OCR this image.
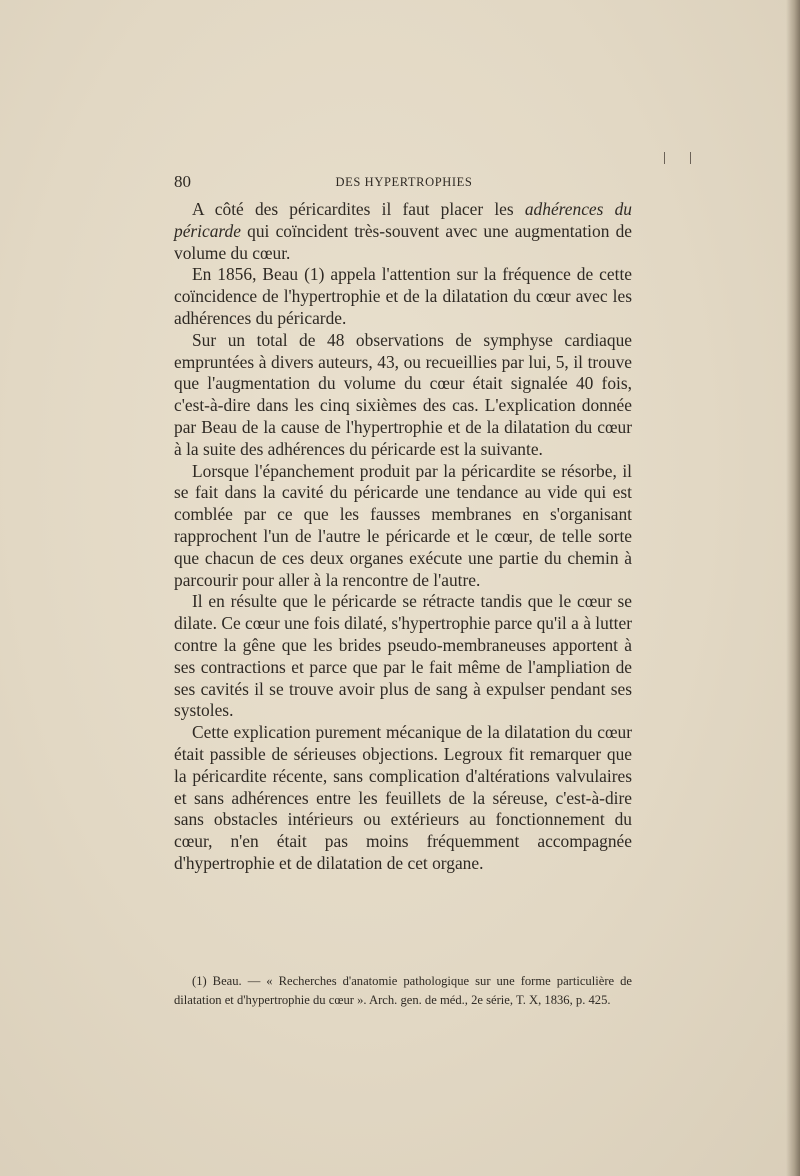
80	DES HYPERTROPHIES

A côté des péricardites il faut placer les adhérences du péricarde qui coïncident très-souvent avec une augmentation de volume du cœur.

En 1856, Beau (1) appela l'attention sur la fréquence de cette coïncidence de l'hypertrophie et de la dilatation du cœur avec les adhérences du péricarde.

Sur un total de 48 observations de symphyse cardiaque empruntées à divers auteurs, 43, ou recueillies par lui, 5, il trouve que l'augmentation du volume du cœur était signalée 40 fois, c'est-à-dire dans les cinq sixièmes des cas. L'explication donnée par Beau de la cause de l'hypertrophie et de la dilatation du cœur à la suite des adhérences du péricarde est la suivante.

Lorsque l'épanchement produit par la péricardite se résorbe, il se fait dans la cavité du péricarde une tendance au vide qui est comblée par ce que les fausses membranes en s'organisant rapprochent l'un de l'autre le péricarde et le cœur, de telle sorte que chacun de ces deux organes exécute une partie du chemin à parcourir pour aller à la rencontre de l'autre.

Il en résulte que le péricarde se rétracte tandis que le cœur se dilate. Ce cœur une fois dilaté, s'hypertrophie parce qu'il a à lutter contre la gêne que les brides pseudo-membraneuses apportent à ses contractions et parce que par le fait même de l'ampliation de ses cavités il se trouve avoir plus de sang à expulser pendant ses systoles.

Cette explication purement mécanique de la dilatation du cœur était passible de sérieuses objections. Legroux fit remarquer que la péricardite récente, sans complication d'altérations valvulaires et sans adhérences entre les feuillets de la séreuse, c'est-à-dire sans obstacles intérieurs ou extérieurs au fonctionnement du cœur, n'en était pas moins fréquemment accompagnée d'hypertrophie et de dilatation de cet organe.

(1) Beau. — « Recherches d'anatomie pathologique sur une forme particulière de dilatation et d'hypertrophie du cœur ». Arch. gen. de méd., 2e série, T. X, 1836, p. 425.
